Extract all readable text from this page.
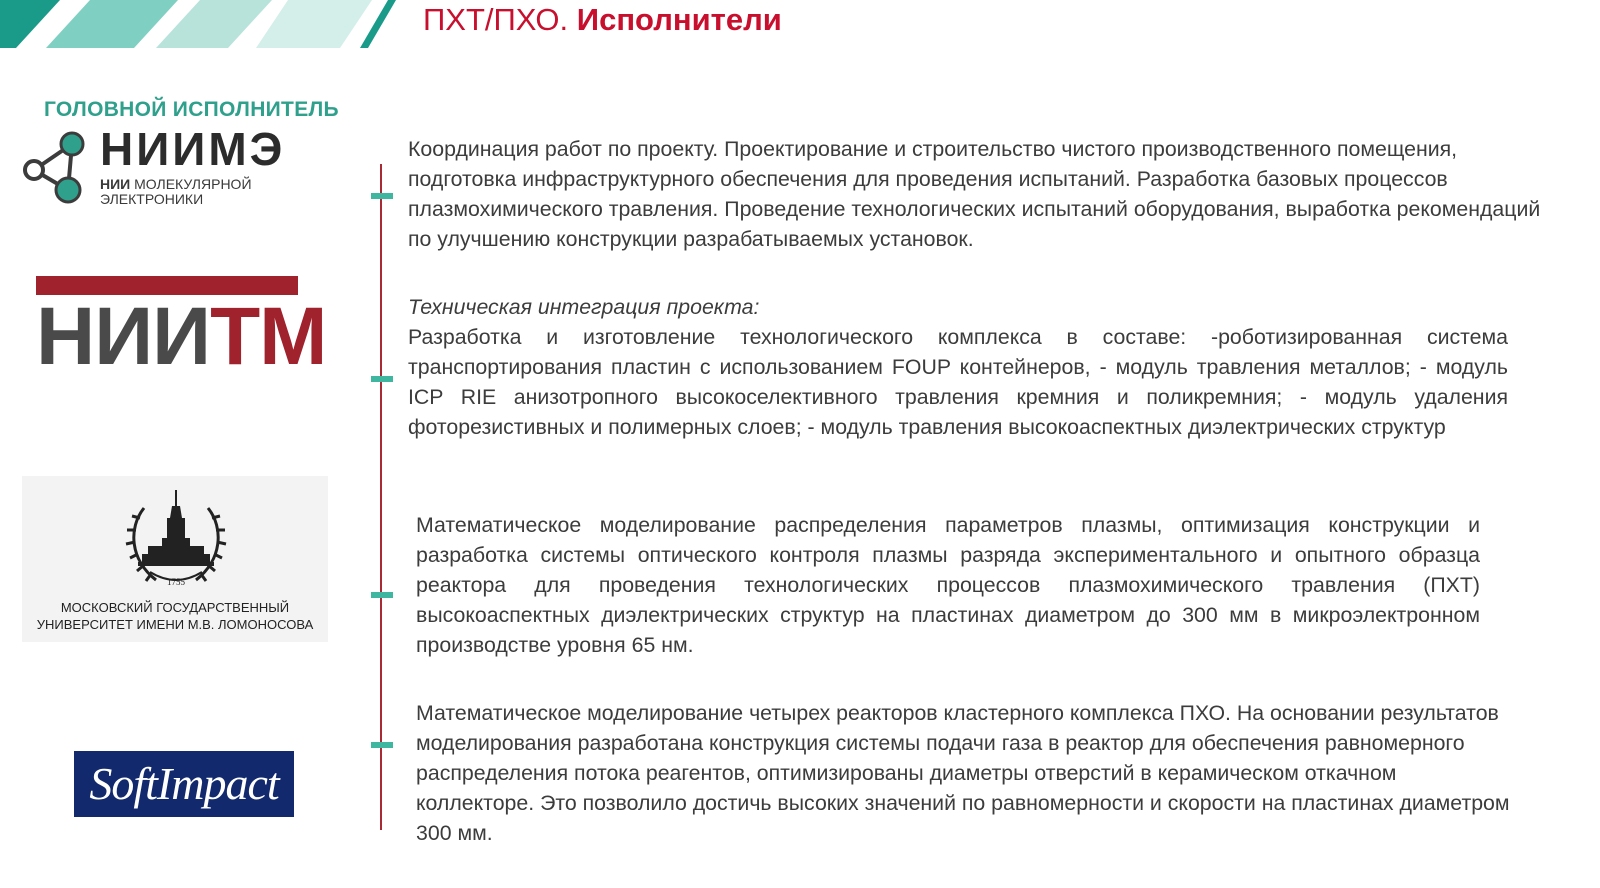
ПХТ/ПХО. Исполнители
ГОЛОВНОЙ ИСПОЛНИТЕЛЬ
НИИМЭ
НИИ МОЛЕКУЛЯРНОЙ
ЭЛЕКТРОНИКИ
НИИТМ
1755
МОСКОВСКИЙ ГОСУДАРСТВЕННЫЙ
УНИВЕРСИТЕТ ИМЕНИ М.В. ЛОМОНОСОВА
SoftImpact
Координация работ по проекту. Проектирование и строительство чистого производственного помещения, подготовка инфраструктурного обеспечения для проведения испытаний. Разработка базовых процессов плазмохимического травления. Проведение технологических испытаний оборудования, выработка рекомендаций по улучшению конструкции разрабатываемых установок.
Техническая интеграция проекта:
Разработка и изготовление технологического комплекса в составе: -роботизированная система транспортирования пластин с использованием FOUP контейнеров, - модуль травления металлов; - модуль ICP RIE анизотропного высокоселективного травления кремния и поликремния; - модуль удаления фоторезистивных и полимерных слоев; - модуль травления высокоаспектных диэлектрических структур
Математическое моделирование распределения параметров плазмы, оптимизация конструкции и разработка системы оптического контроля плазмы разряда экспериментального и опытного образца реактора для проведения технологических процессов плазмохимического травления (ПХТ) высокоаспектных диэлектрических структур на пластинах диаметром до 300 мм в микроэлектронном производстве уровня 65 нм.
Математическое моделирование четырех реакторов кластерного комплекса ПХО. На основании результатов моделирования разработана конструкция системы подачи газа в реактор для обеспечения равномерного распределения потока реагентов, оптимизированы диаметры отверстий в керамическом откачном коллекторе. Это позволило достичь высоких значений по равномерности и скорости на пластинах диаметром 300 мм.
